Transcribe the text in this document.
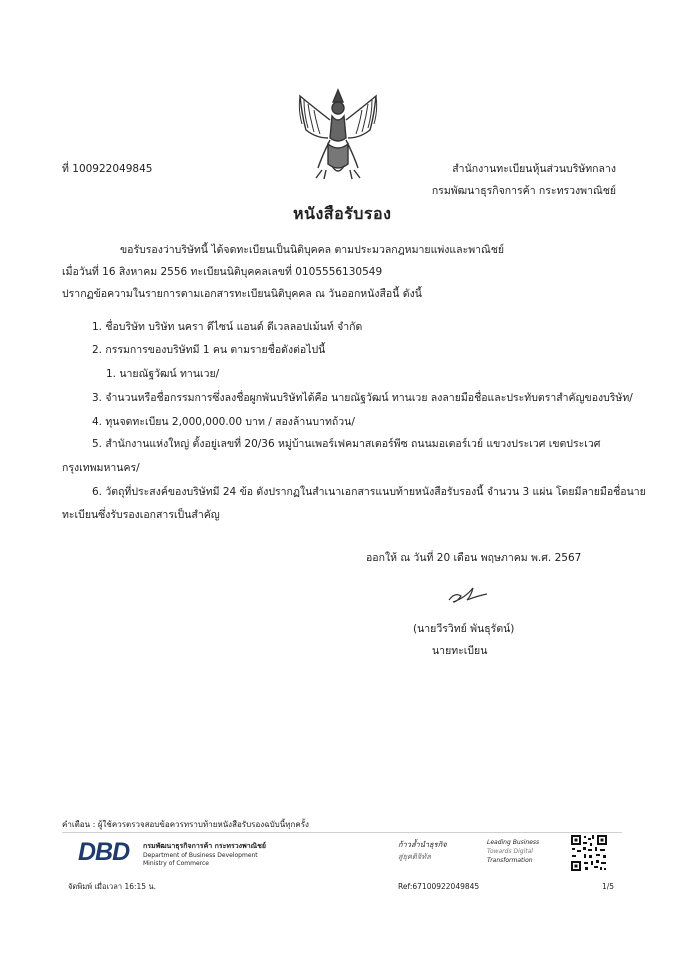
ที่ 100922049845	สำนักงานทะเบียนหุ้นส่วนบริษัทกลาง
กรมพัฒนาธุรกิจการค้า กระทรวงพาณิชย์
หนังสือรับรอง
ขอรับรองว่าบริษัทนี้ ได้จดทะเบียนเป็นนิติบุคคล ตามประมวลกฎหมายแพ่งและพาณิชย์
เมื่อวันที่ 16 สิงหาคม 2556 ทะเบียนนิติบุคคลเลขที่ 0105556130549
ปรากฏข้อความในรายการตามเอกสารทะเบียนนิติบุคคล ณ วันออกหนังสือนี้ ดังนี้
1. ชื่อบริษัท บริษัท นครา ดีไซน์ แอนด์ ดีเวลลอปเม้นท์ จำกัด
2. กรรมการของบริษัทมี 1 คน ตามรายชื่อดังต่อไปนี้
1. นายณัฐวัฒน์ ทานเวย/
3. จำนวนหรือชื่อกรรมการซึ่งลงชื่อผูกพันบริษัทได้คือ นายณัฐวัฒน์ ทานเวย ลงลายมือชื่อและประทับตราสำคัญของบริษัท/
4. ทุนจดทะเบียน 2,000,000.00 บาท / สองล้านบาทถ้วน/
5. สำนักงานแห่งใหญ่ ตั้งอยู่เลขที่ 20/36 หมู่บ้านเพอร์เฟคมาสเตอร์พีซ ถนนมอเตอร์เวย์ แขวงประเวศ เขตประเวศ
กรุงเทพมหานคร/
6. วัตถุที่ประสงค์ของบริษัทมี 24 ข้อ ดังปรากฏในสำเนาเอกสารแนบท้ายหนังสือรับรองนี้ จำนวน 3 แผ่น โดยมีลายมือชื่อนาย
ทะเบียนซึ่งรับรองเอกสารเป็นสำคัญ
ออกให้ ณ วันที่ 20 เดือน พฤษภาคม พ.ศ. 2567
(นายวีรวิทย์ พันธุรัตน์)
นายทะเบียน
คำเตือน : ผู้ใช้ควรตรวจสอบข้อควรทราบท้ายหนังสือรับรองฉบับนี้ทุกครั้ง
DBD กรมพัฒนาธุรกิจการค้า กระทรวงพาณิชย์
Department of Business Development
Ministry of Commerce
ก้าวล้ำนำธุรกิจ
สู่ยุคดิจิทัล
Leading Business
Towards Digital
Transformation
จัดพิมพ์ เมื่อเวลา 16:15 น.	Ref:67100922049845	1/5
